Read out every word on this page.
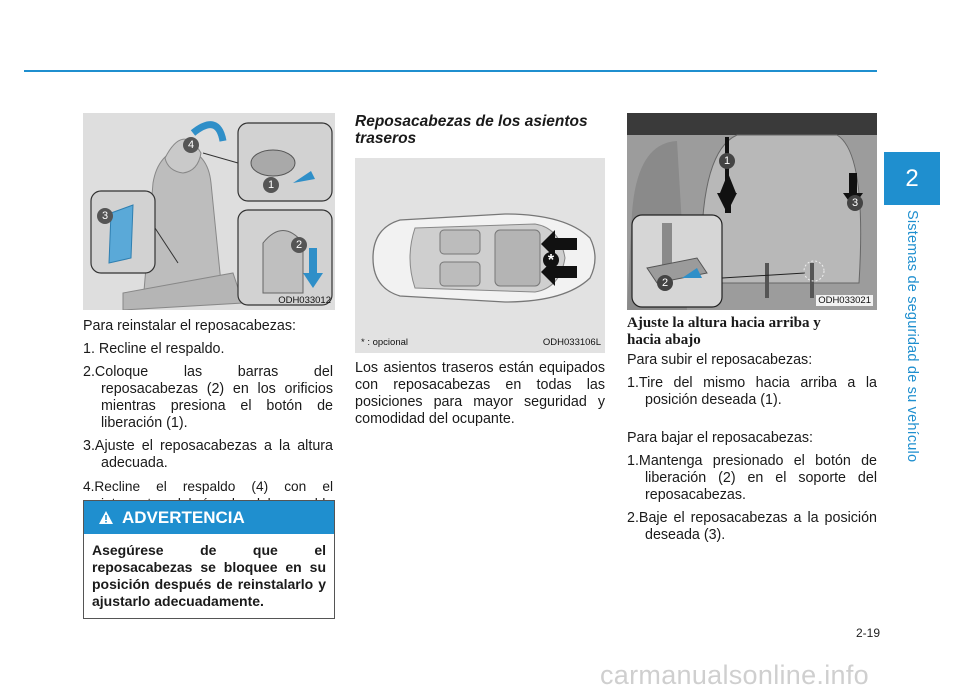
2
Sistemas de seguridad de su vehículo
4
1
2
3
ODH033012

Para reinstalar el reposacabezas:

1. Recline el respaldo.

2.Coloque las barras del reposacabezas (2) en los orificios mientras presiona el botón de liberación (1).

3.Ajuste el reposacabezas a la altura adecuada.

4.Recline el respaldo (4) con el

ADVERTENCIA
Asegúrese de que el reposacabezas se bloquee en su posición después de reinstalarlo y ajustarlo adecuadamente.
Reposacabezas de los asientos traseros
*
* : opcional	ODH033106L
Los asientos traseros están equipados con reposacabezas en todas las posiciones para mayor seguridad y comodidad del ocupante.
1
2
3
ODH033021
Ajuste la altura hacia arriba y hacia abajo

Para subir el reposacabezas:

1.Tire del mismo hacia arriba a la posición deseada (1).

Para bajar el reposacabezas:

1.Mantenga presionado el botón de liberación (2) en el soporte del reposacabezas.

2.Baje el reposacabezas a la posición deseada (3).

2-19
carmanualsonline.info
